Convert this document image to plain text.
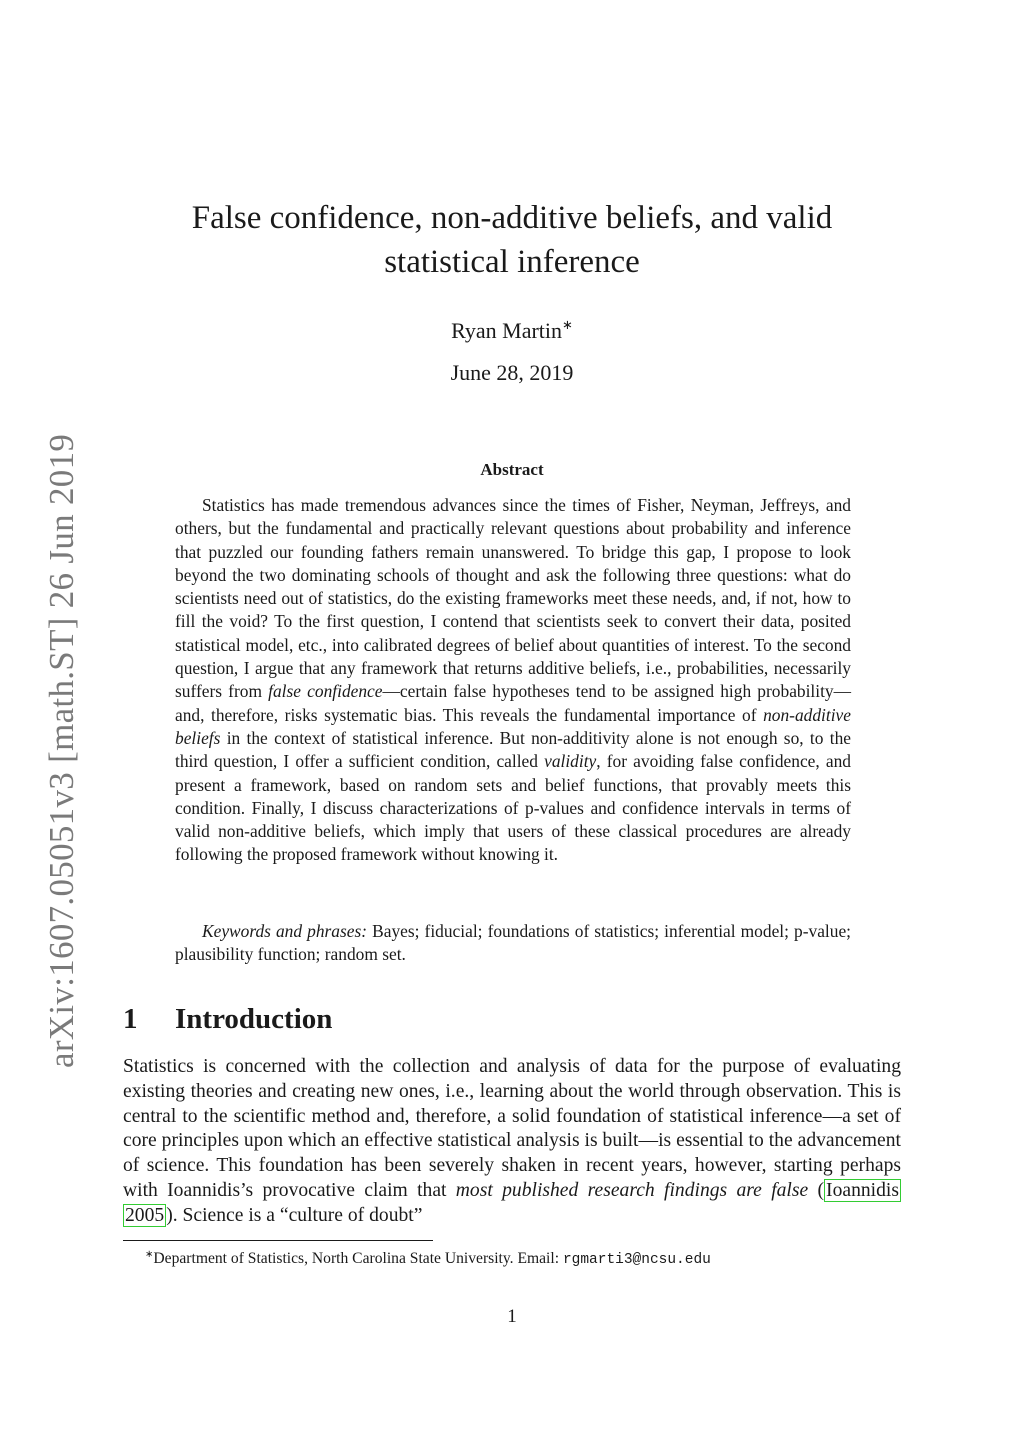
arXiv:1607.05051v3 [math.ST] 26 Jun 2019
False confidence, non-additive beliefs, and valid
statistical inference
Ryan Martin∗
June 28, 2019
Abstract

Statistics has made tremendous advances since the times of Fisher, Neyman, Jeffreys, and others, but the fundamental and practically relevant questions about probability and inference that puzzled our founding fathers remain unanswered. To bridge this gap, I propose to look beyond the two dominating schools of thought and ask the following three questions: what do scientists need out of statistics, do the existing frameworks meet these needs, and, if not, how to fill the void? To the first question, I contend that scientists seek to convert their data, posited statistical model, etc., into calibrated degrees of belief about quantities of interest. To the second question, I argue that any framework that returns additive beliefs, i.e., probabilities, necessarily suffers from false confidence—certain false hypotheses tend to be assigned high probability—and, therefore, risks systematic bias. This reveals the fundamental importance of non-additive beliefs in the context of statistical inference. But non-additivity alone is not enough so, to the third question, I offer a sufficient condition, called validity, for avoiding false confidence, and present a framework, based on random sets and belief functions, that provably meets this condition. Finally, I discuss characterizations of p-values and confidence intervals in terms of valid non-additive beliefs, which imply that users of these classical procedures are already following the proposed framework without knowing it.

Keywords and phrases: Bayes; fiducial; foundations of statistics; inferential model; p-value; plausibility function; random set.

1 Introduction

Statistics is concerned with the collection and analysis of data for the purpose of evaluating existing theories and creating new ones, i.e., learning about the world through observation. This is central to the scientific method and, therefore, a solid foundation of statistical inference—a set of core principles upon which an effective statistical analysis is built—is essential to the advancement of science. This foundation has been severely shaken in recent years, however, starting perhaps with Ioannidis’s provocative claim that most published research findings are false ( Ioannidis 2005 ). Science is a “culture of doubt”

∗Department of Statistics, North Carolina State University. Email: rgmarti3@ncsu.edu
1
